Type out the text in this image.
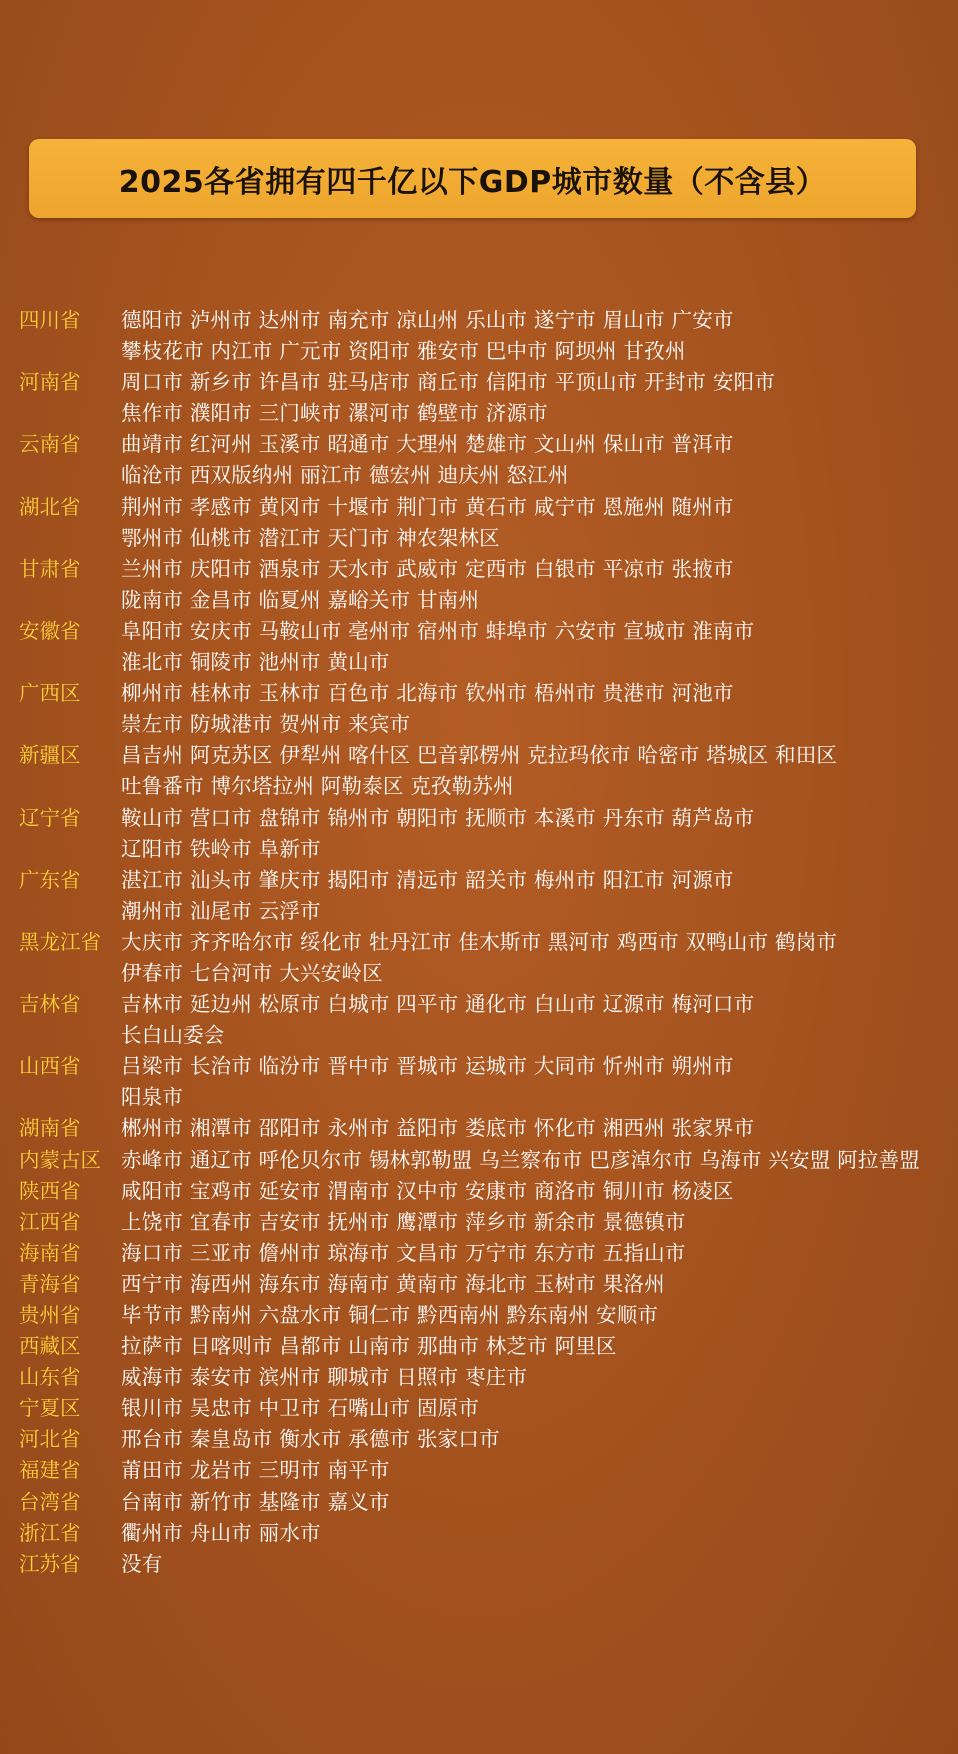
2025各省拥有四千亿以下GDP城市数量（不含县）
四川省 德阳市 泸州市 达州市 南充市 凉山州 乐山市 遂宁市 眉山市 广安市
攀枝花市 内江市 广元市 资阳市 雅安市 巴中市 阿坝州 甘孜州
河南省 周口市 新乡市 许昌市 驻马店市 商丘市 信阳市 平顶山市 开封市 安阳市
焦作市 濮阳市 三门峡市 漯河市 鹤壁市 济源市
云南省 曲靖市 红河州 玉溪市 昭通市 大理州 楚雄市 文山州 保山市 普洱市
临沧市 西双版纳州 丽江市 德宏州 迪庆州 怒江州
湖北省 荆州市 孝感市 黄冈市 十堰市 荆门市 黄石市 咸宁市 恩施州 随州市
鄂州市 仙桃市 潜江市 天门市 神农架林区
甘肃省 兰州市 庆阳市 酒泉市 天水市 武威市 定西市 白银市 平凉市 张掖市
陇南市 金昌市 临夏州 嘉峪关市 甘南州
安徽省 阜阳市 安庆市 马鞍山市 亳州市 宿州市 蚌埠市 六安市 宣城市 淮南市
淮北市 铜陵市 池州市 黄山市
广西区 柳州市 桂林市 玉林市 百色市 北海市 钦州市 梧州市 贵港市 河池市
崇左市 防城港市 贺州市 来宾市
新疆区 昌吉州 阿克苏区 伊犁州 喀什区 巴音郭楞州 克拉玛依市 哈密市 塔城区 和田区
吐鲁番市 博尔塔拉州 阿勒泰区 克孜勒苏州
辽宁省 鞍山市 营口市 盘锦市 锦州市 朝阳市 抚顺市 本溪市 丹东市 葫芦岛市
辽阳市 铁岭市 阜新市
广东省 湛江市 汕头市 肇庆市 揭阳市 清远市 韶关市 梅州市 阳江市 河源市
潮州市 汕尾市 云浮市
黑龙江省 大庆市 齐齐哈尔市 绥化市 牡丹江市 佳木斯市 黑河市 鸡西市 双鸭山市 鹤岗市
伊春市 七台河市 大兴安岭区
吉林省 吉林市 延边州 松原市 白城市 四平市 通化市 白山市 辽源市 梅河口市
长白山委会
山西省 吕梁市 长治市 临汾市 晋中市 晋城市 运城市 大同市 忻州市 朔州市
阳泉市
湖南省 郴州市 湘潭市 邵阳市 永州市 益阳市 娄底市 怀化市 湘西州 张家界市
内蒙古区 赤峰市 通辽市 呼伦贝尔市 锡林郭勒盟 乌兰察布市 巴彦淖尔市 乌海市 兴安盟 阿拉善盟
陕西省 咸阳市 宝鸡市 延安市 渭南市 汉中市 安康市 商洛市 铜川市 杨凌区
江西省 上饶市 宜春市 吉安市 抚州市 鹰潭市 萍乡市 新余市 景德镇市
海南省 海口市 三亚市 儋州市 琼海市 文昌市 万宁市 东方市 五指山市
青海省 西宁市 海西州 海东市 海南市 黄南市 海北市 玉树市 果洛州
贵州省 毕节市 黔南州 六盘水市 铜仁市 黔西南州 黔东南州 安顺市
西藏区 拉萨市 日喀则市 昌都市 山南市 那曲市 林芝市 阿里区
山东省 威海市 泰安市 滨州市 聊城市 日照市 枣庄市
宁夏区 银川市 吴忠市 中卫市 石嘴山市 固原市
河北省 邢台市 秦皇岛市 衡水市 承德市 张家口市
福建省 莆田市 龙岩市 三明市 南平市
台湾省 台南市 新竹市 基隆市 嘉义市
浙江省 衢州市 舟山市 丽水市
江苏省 没有
